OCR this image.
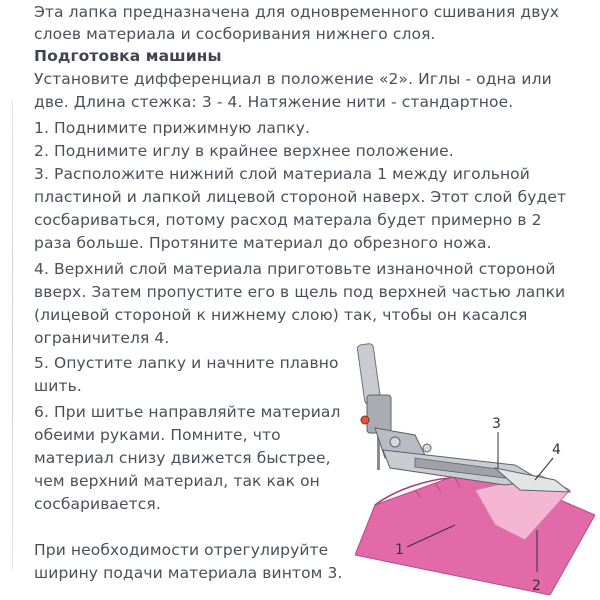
Эта лапка предназначена для одновременного сшивания двух
слоев материала и сосборивания нижнего слоя.
Подготовка машины
Установите дифференциал в положение «2». Иглы - одна или
две. Длина стежка: 3 - 4. Натяжение нити - стандартное.
1. Поднимите прижимную лапку.
2. Поднимите иглу в крайнее верхнее положение.
3. Расположите нижний слой материала 1 между игольной
пластиной и лапкой лицевой стороной наверх. Этот слой будет
сосбариваться, потому расход матерала будет примерно в 2
раза больше. Протяните материал до обрезного ножа.
4. Верхний слой материала приготовьте изнаночной стороной
вверх. Затем пропустите его в щель под верхней частью лапки
(лицевой стороной к нижнему слою) так, чтобы он касался
ограничителя 4.
5. Опустите лапку и начните плавно
шить.
6. При шитье направляйте материал
обеими руками. Помните, что
материал снизу движется быстрее,
чем верхний материал, так как он
сосбаривается.
При необходимости отрегулируйте
ширину подачи материала винтом 3.
3
4
1
2
